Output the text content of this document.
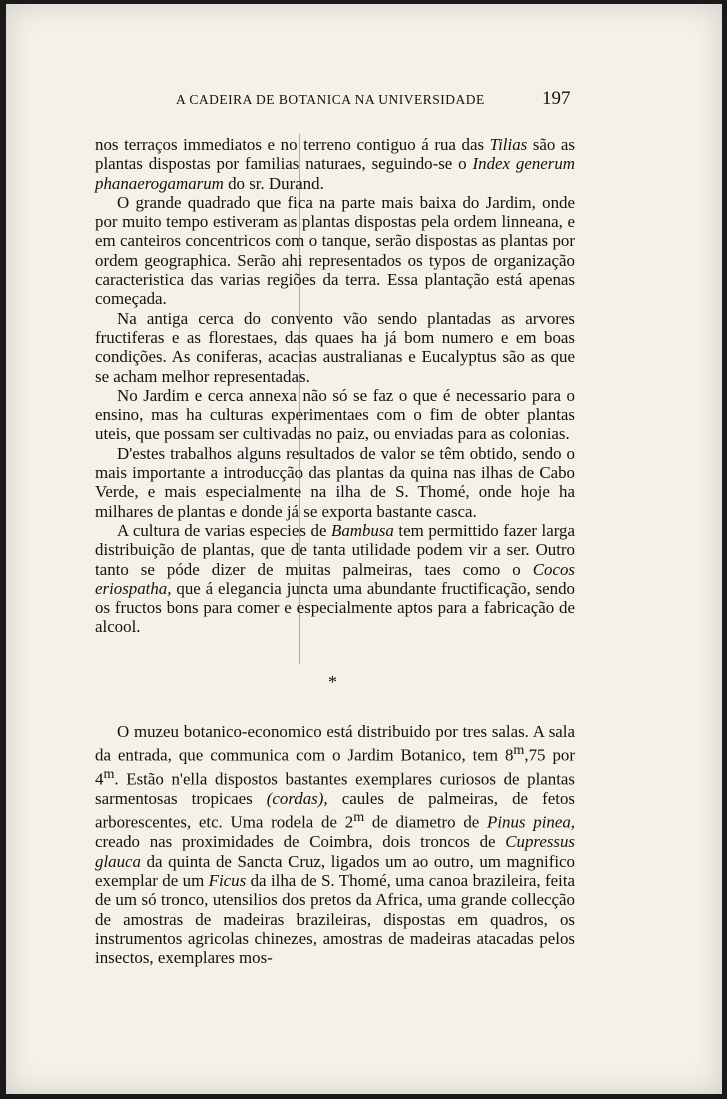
A CADEIRA DE BOTANICA NA UNIVERSIDADE	197

nos terraços immediatos e no terreno contiguo á rua das Tilias são as plantas dispostas por familias naturaes, seguindo-se o Index generum phanaerogamarum do sr. Durand.

O grande quadrado que fica na parte mais baixa do Jardim, onde por muito tempo estiveram as plantas dispostas pela ordem linneana, e em canteiros concentricos com o tanque, serão dispostas as plantas por ordem geographica. Serão ahi representados os typos de organização caracteristica das varias regiões da terra. Essa plantação está apenas começada.

Na antiga cerca do convento vão sendo plantadas as arvores fructiferas e as florestaes, das quaes ha já bom numero e em boas condições. As coniferas, acacias australianas e Eucalyptus são as que se acham melhor representadas.

No Jardim e cerca annexa não só se faz o que é necessario para o ensino, mas ha culturas experimentaes com o fim de obter plantas uteis, que possam ser cultivadas no paiz, ou enviadas para as colonias.

D'estes trabalhos alguns resultados de valor se têm obtido, sendo o mais importante a introducção das plantas da quina nas ilhas de Cabo Verde, e mais especialmente na ilha de S. Thomé, onde hoje ha milhares de plantas e donde já se exporta bastante casca.

A cultura de varias especies de Bambusa tem permittido fazer larga distribuição de plantas, que de tanta utilidade podem vir a ser. Outro tanto se póde dizer de muitas palmeiras, taes como o Cocos eriospatha, que á elegancia juncta uma abundante fructificação, sendo os fructos bons para comer e especialmente aptos para a fabricação de alcool.

*

O muzeu botanico-economico está distribuido por tres salas. A sala da entrada, que communica com o Jardim Botanico, tem 8$^m$,75 por 4$^m$. Estão n'ella dispostos bastantes exemplares curiosos de plantas sarmentosas tropicaes (cordas), caules de palmeiras, de fetos arborescentes, etc. Uma rodela de 2$^m$ de diametro de Pinus pinea, creado nas proximidades de Coimbra, dois troncos de Cupressus glauca da quinta de Sancta Cruz, ligados um ao outro, um magnifico exemplar de um Ficus da ilha de S. Thomé, uma canoa brazileira, feita de um só tronco, utensilios dos pretos da Africa, uma grande collecção de amostras de madeiras brazileiras, dispostas em quadros, os instrumentos agricolas chinezes, amostras de madeiras atacadas pelos insectos, exemplares mos-
